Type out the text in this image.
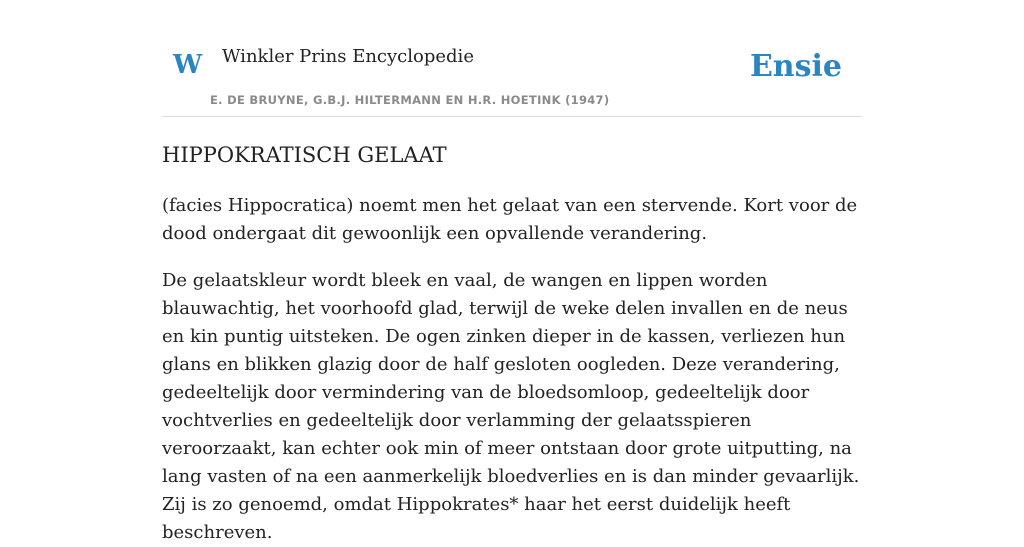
W Winkler Prins Encyclopedie
E. DE BRUYNE, G.B.J. HILTERMANN EN H.R. HOETINK (1947)
Ensie
HIPPOKRATISCH GELAAT

(facies Hippocratica) noemt men het gelaat van een stervende. Kort voor de dood ondergaat dit gewoonlijk een opvallende verandering.

De gelaatskleur wordt bleek en vaal, de wangen en lippen worden blauwachtig, het voorhoofd glad, terwijl de weke delen invallen en de neus en kin puntig uitsteken. De ogen zinken dieper in de kassen, verliezen hun glans en blikken glazig door de half gesloten oogleden. Deze verandering, gedeeltelijk door vermindering van de bloedsomloop, gedeeltelijk door vochtverlies en gedeeltelijk door verlamming der gelaatsspieren veroorzaakt, kan echter ook min of meer ontstaan door grote uitputting, na lang vasten of na een aanmerkelijk bloedverlies en is dan minder gevaarlijk. Zij is zo genoemd, omdat Hippokrates* haar het eerst duidelijk heeft beschreven.
